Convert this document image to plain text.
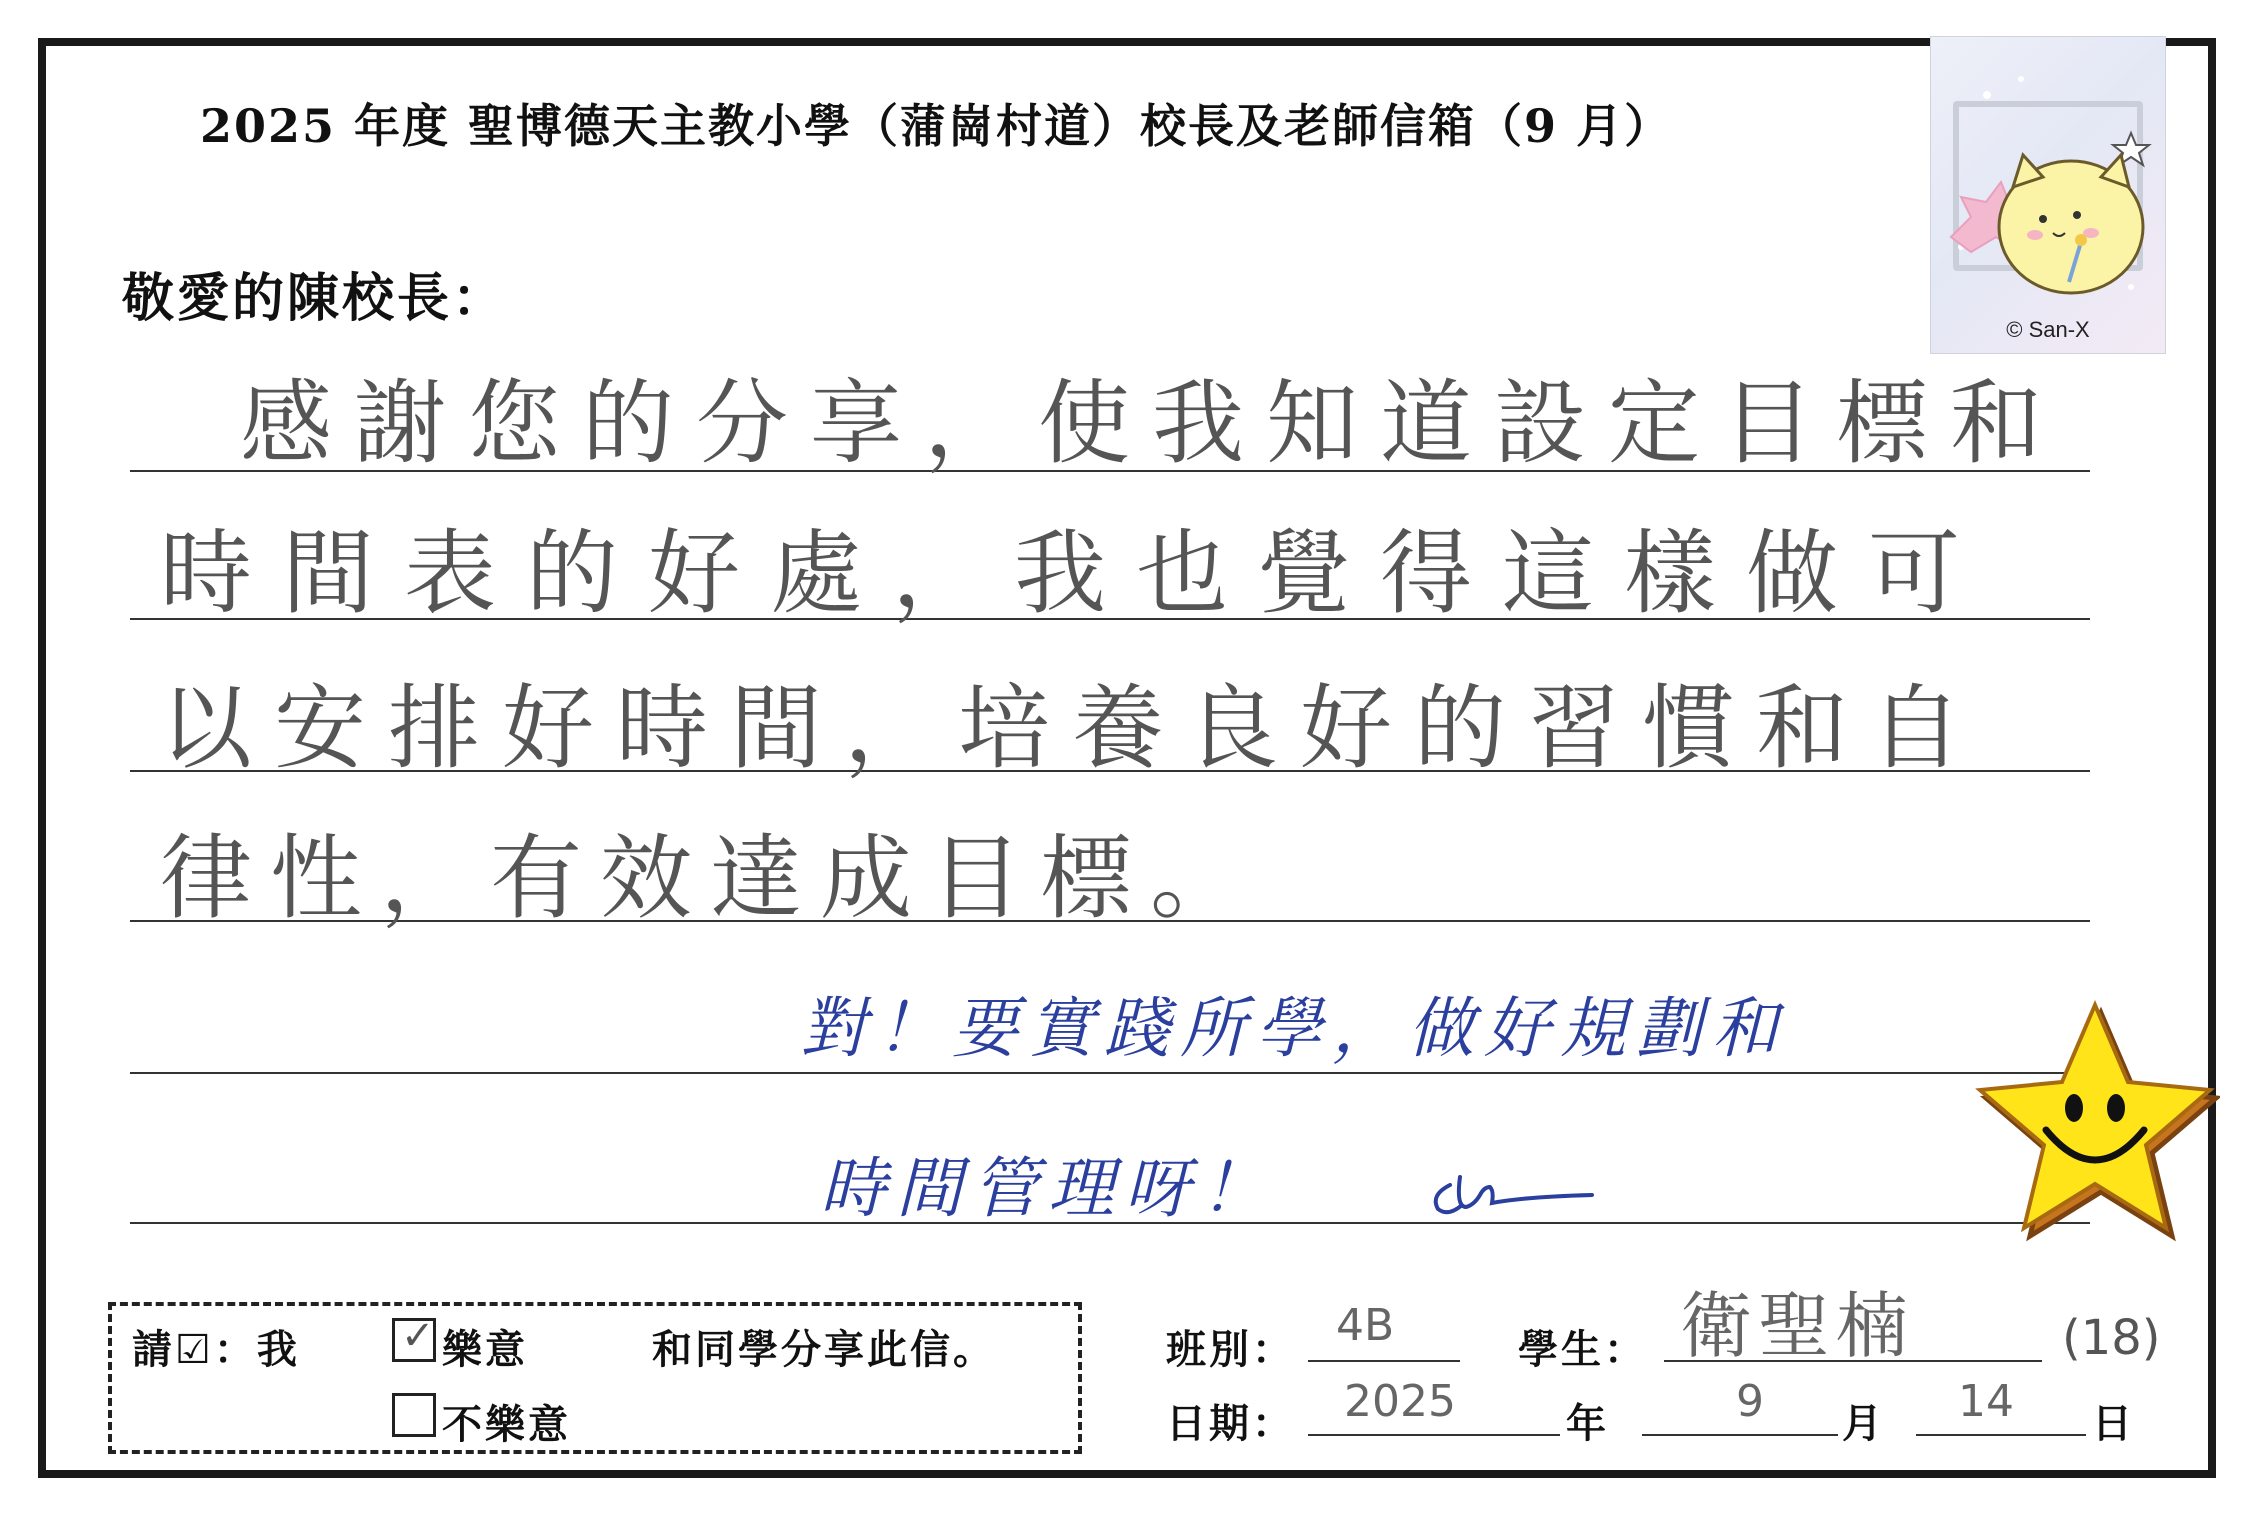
2025 年度 聖博德天主教小學（蒲崗村道）校長及老師信箱（9 月）
© San-X
敬愛的陳校長：
感謝您的分享，使我知道設定目標和
時間表的好處，我也覺得這樣做可
以安排好時間，培養良好的習慣和自
律性，有效達成目標。
對！要實踐所學，做好規劃和
時間管理呀！
請☑：我	✓ 樂意	和同學分享此信。
不樂意
班別： 4B	學生： 衛聖楠	(18)
日期： 2025	年	9 月 14 日
